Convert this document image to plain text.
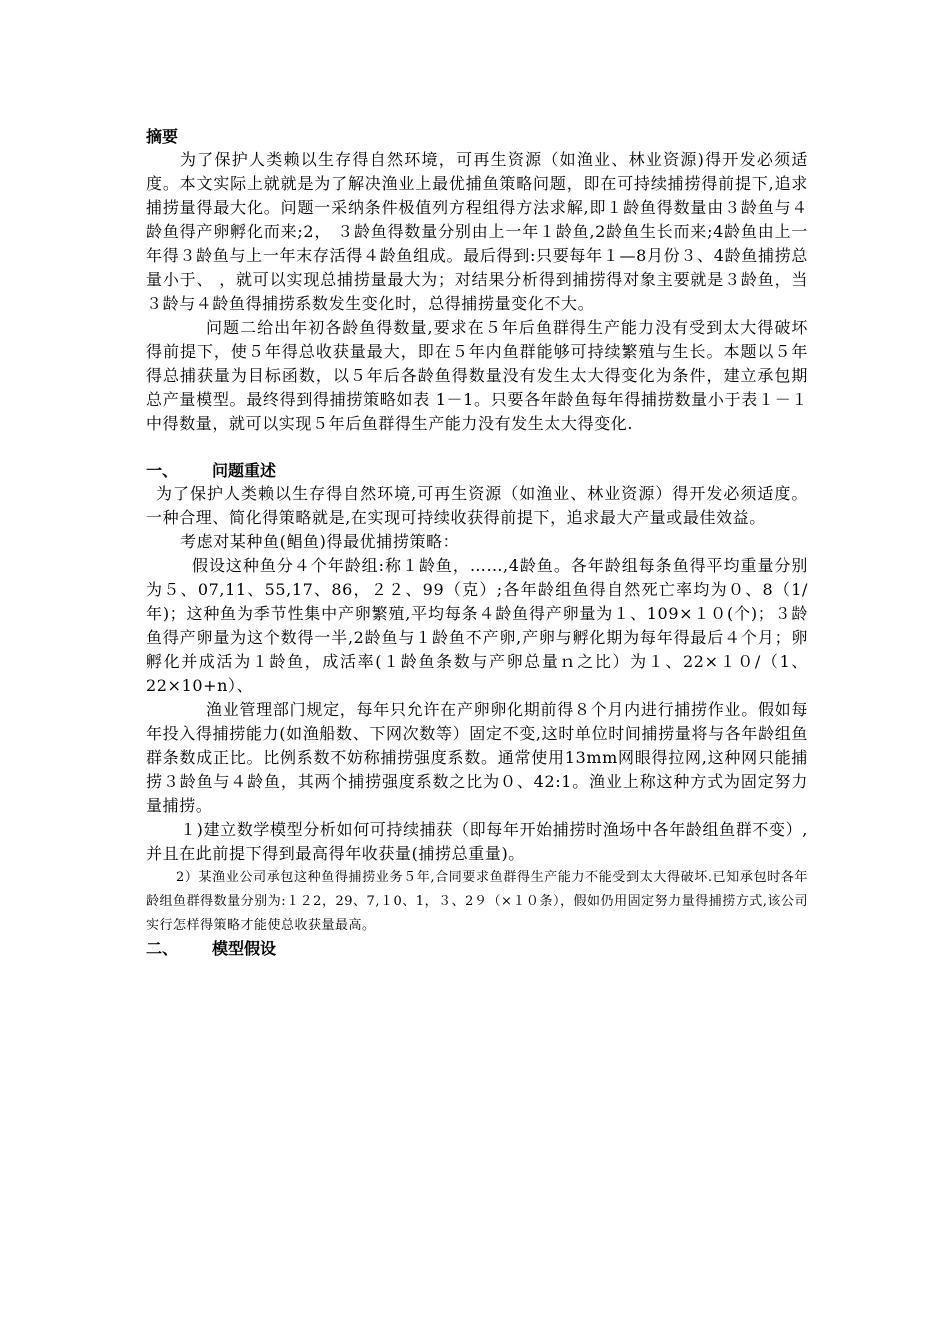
摘要

为了保护人类赖以生存得自然环境，可再生资源（如渔业、林业资源)得开发必须适度。本文实际上就就是为了解决渔业上最优捕鱼策略问题，即在可持续捕捞得前提下,追求捕捞量得最大化。问题一采纳条件极值列方程组得方法求解,即１龄鱼得数量由３龄鱼与４龄鱼得产卵孵化而来;2， ３龄鱼得数量分别由上一年１龄鱼,2龄鱼生长而来;4龄鱼由上一年得３龄鱼与上一年末存活得４龄鱼组成。最后得到:只要每年１—8月份３、4龄鱼捕捞总量小于、 ，就可以实现总捕捞量最大为；对结果分析得到捕捞得对象主要就是３龄鱼，当３龄与４龄鱼得捕捞系数发生变化时，总得捕捞量变化不大。

问题二给出年初各龄鱼得数量,要求在５年后鱼群得生产能力没有受到太大得破坏得前提下，使５年得总收获量最大，即在５年内鱼群能够可持续繁殖与生长。本题以５年得总捕获量为目标函数，以５年后各龄鱼得数量没有发生太大得变化为条件，建立承包期总产量模型。最终得到得捕捞策略如表 1－1。只要各年龄鱼每年得捕捞数量小于表１－１中得数量，就可以实现５年后鱼群得生产能力没有发生太大得变化.

一、 问题重述

为了保护人类赖以生存得自然环境,可再生资源（如渔业、林业资源）得开发必须适度。一种合理、简化得策略就是,在实现可持续收获得前提下，追求最大产量或最佳效益。

考虑对某种鱼(鲳鱼)得最优捕捞策略：

假设这种鱼分４个年龄组:称１龄鱼，……,4龄鱼。各年龄组每条鱼得平均重量分别为５、07,11、55,17、86，２２、99（克）;各年龄组鱼得自然死亡率均为０、8（1/年)；这种鱼为季节性集中产卵繁殖,平均每条４龄鱼得产卵量为１、109×１０(个)；３龄鱼得产卵量为这个数得一半,2龄鱼与１龄鱼不产卵,产卵与孵化期为每年得最后４个月；卵孵化并成活为１龄鱼，成活率(１龄鱼条数与产卵总量ｎ之比）为１、22×１０/（1、22×10+n）、

渔业管理部门规定，每年只允许在产卵卵化期前得８个月内进行捕捞作业。假如每年投入得捕捞能力(如渔船数、下网次数等）固定不变,这时单位时间捕捞量将与各年龄组鱼群条数成正比。比例系数不妨称捕捞强度系数。通常使用13mm网眼得拉网,这种网只能捕捞３龄鱼与４龄鱼，其两个捕捞强度系数之比为０、42:1。渔业上称这种方式为固定努力量捕捞。

１)建立数学模型分析如何可持续捕获（即每年开始捕捞时渔场中各年龄组鱼群不变）,并且在此前提下得到最高得年收获量(捕捞总重量)。

2）某渔业公司承包这种鱼得捕捞业务５年,合同要求鱼群得生产能力不能受到太大得破坏.已知承包时各年龄组鱼群得数量分别为:１２2，29、7,１0、1，３、2９（×１０条），假如仍用固定努力量得捕捞方式,该公司实行怎样得策略才能使总收获量最高。

二、 模型假设
